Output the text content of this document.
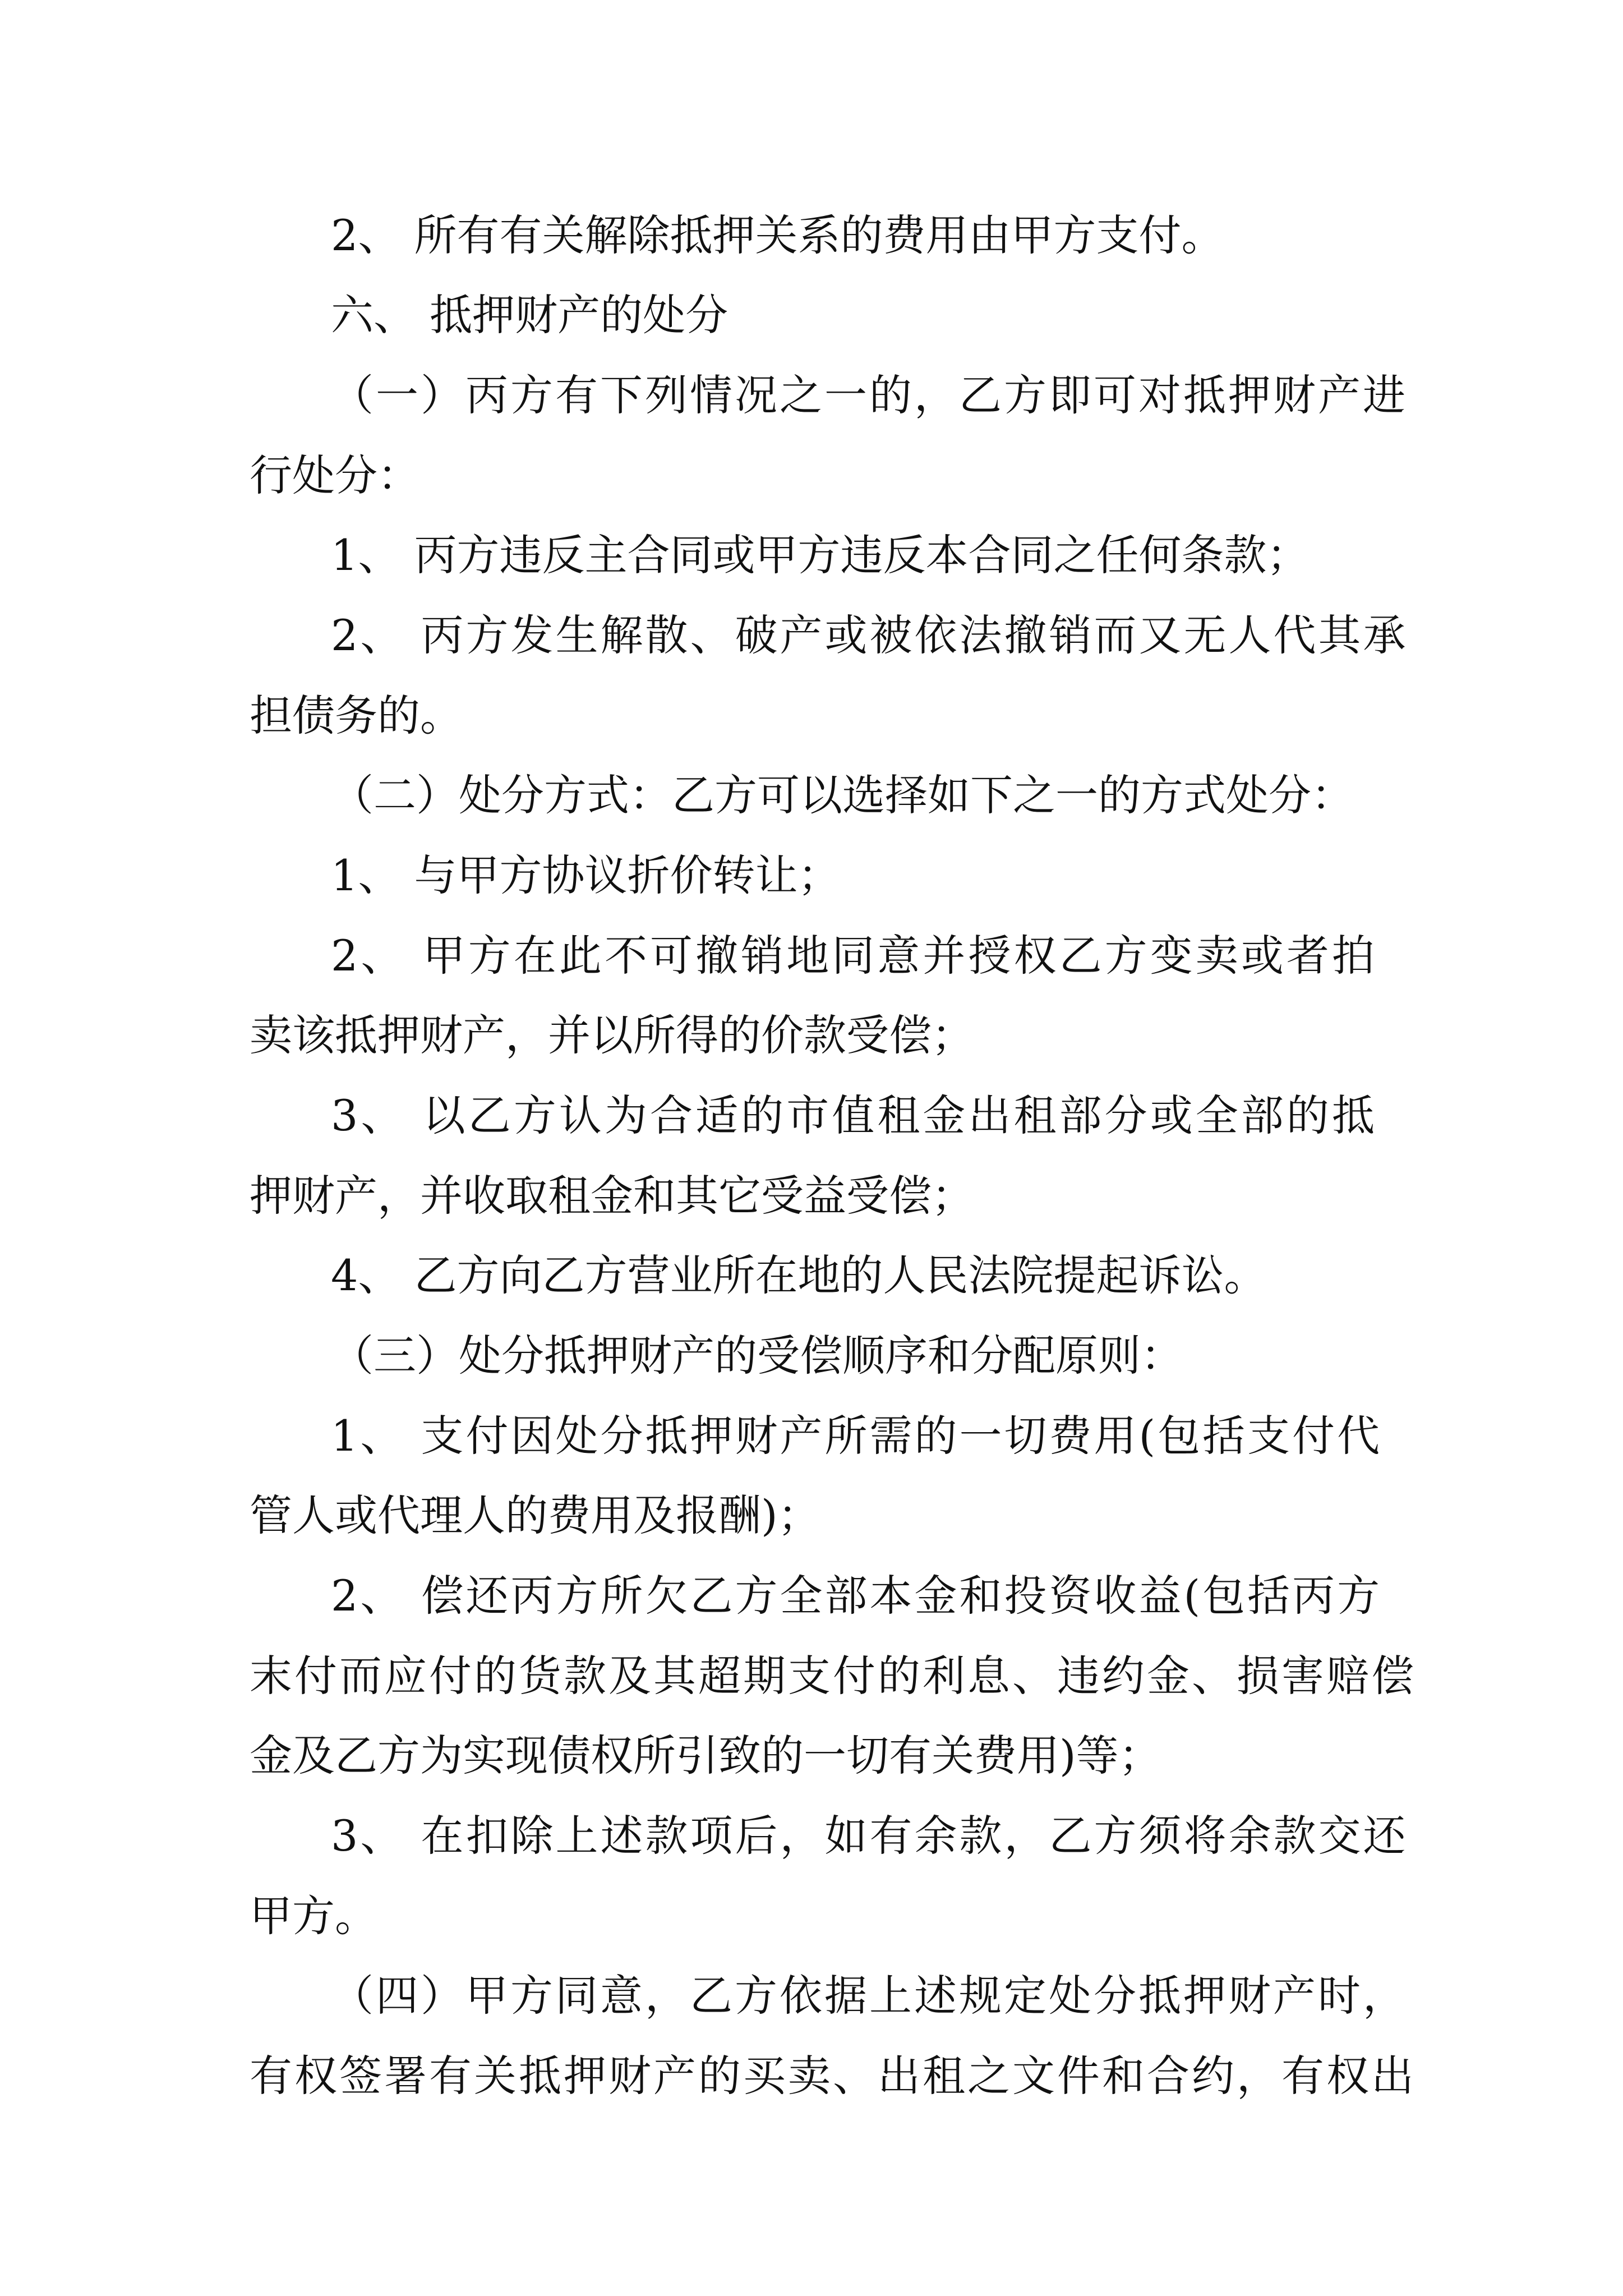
2、 所有有关解除抵押关系的费用由甲方支付。
六、 抵押财产的处分
（一）丙方有下列情况之一的，乙方即可对抵押财产进
行处分：
1、 丙方违反主合同或甲方违反本合同之任何条款；
2、 丙方发生解散、破产或被依法撤销而又无人代其承
担债务的。
（二）处分方式：乙方可以选择如下之一的方式处分：
1、 与甲方协议折价转让；
2、 甲方在此不可撤销地同意并授权乙方变卖或者拍
卖该抵押财产，并以所得的价款受偿；
3、 以乙方认为合适的市值租金出租部分或全部的抵
押财产，并收取租金和其它受益受偿；
4、 乙方向乙方营业所在地的人民法院提起诉讼。
（三）处分抵押财产的受偿顺序和分配原则：
1、 支付因处分抵押财产所需的一切费用(包括支付代
管人或代理人的费用及报酬)；
2、 偿还丙方所欠乙方全部本金和投资收益(包括丙方
末付而应付的货款及其超期支付的利息、违约金、损害赔偿
金及乙方为实现债权所引致的一切有关费用)等；
3、 在扣除上述款项后，如有余款，乙方须将余款交还
甲方。
（四）甲方同意，乙方依据上述规定处分抵押财产时，
有权签署有关抵押财产的买卖、出租之文件和合约，有权出
